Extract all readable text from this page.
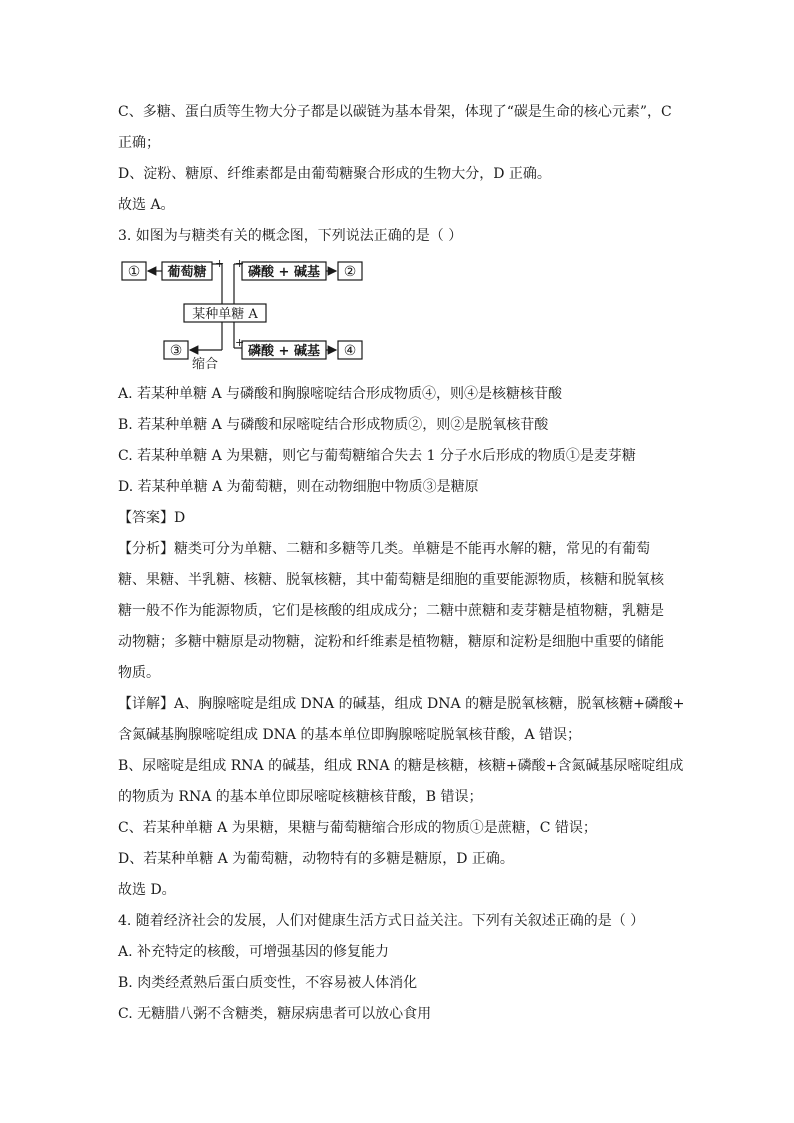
C、多糖、蛋白质等生物大分子都是以碳链为基本骨架，体现了“碳是生命的核心元素”，C
正确；
D、淀粉、糖原、纤维素都是由葡萄糖聚合形成的生物大分，D 正确。
故选 A。
3. 如图为与糖类有关的概念图，下列说法正确的是（ ）
① 葡萄糖
+
磷酸 + 碱基
+
②
某种单糖 A
③
缩合
+
磷酸 + 碱基 ④
A. 若某种单糖 A 与磷酸和胸腺嘧啶结合形成物质④，则④是核糖核苷酸
B. 若某种单糖 A 与磷酸和尿嘧啶结合形成物质②，则②是脱氧核苷酸
C. 若某种单糖 A 为果糖，则它与葡萄糖缩合失去 1 分子水后形成的物质①是麦芽糖
D. 若某种单糖 A 为葡萄糖，则在动物细胞中物质③是糖原
【答案】D
【分析】糖类可分为单糖、二糖和多糖等几类。单糖是不能再水解的糖，常见的有葡萄
糖、果糖、半乳糖、核糖、脱氧核糖，其中葡萄糖是细胞的重要能源物质，核糖和脱氧核
糖一般不作为能源物质，它们是核酸的组成成分；二糖中蔗糖和麦芽糖是植物糖，乳糖是
动物糖；多糖中糖原是动物糖，淀粉和纤维素是植物糖，糖原和淀粉是细胞中重要的储能
物质。
【详解】A、胸腺嘧啶是组成 DNA 的碱基，组成 DNA 的糖是脱氧核糖，脱氧核糖+磷酸+
含氮碱基胸腺嘧啶组成 DNA 的基本单位即胸腺嘧啶脱氧核苷酸，A 错误；
B、尿嘧啶是组成 RNA 的碱基，组成 RNA 的糖是核糖，核糖+磷酸+含氮碱基尿嘧啶组成
的物质为 RNA 的基本单位即尿嘧啶核糖核苷酸，B 错误；
C、若某种单糖 A 为果糖，果糖与葡萄糖缩合形成的物质①是蔗糖，C 错误；
D、若某种单糖 A 为葡萄糖，动物特有的多糖是糖原，D 正确。
故选 D。
4. 随着经济社会的发展，人们对健康生活方式日益关注。下列有关叙述正确的是（ ）
A. 补充特定的核酸，可增强基因的修复能力
B. 肉类经煮熟后蛋白质变性，不容易被人体消化
C. 无糖腊八粥不含糖类，糖尿病患者可以放心食用
